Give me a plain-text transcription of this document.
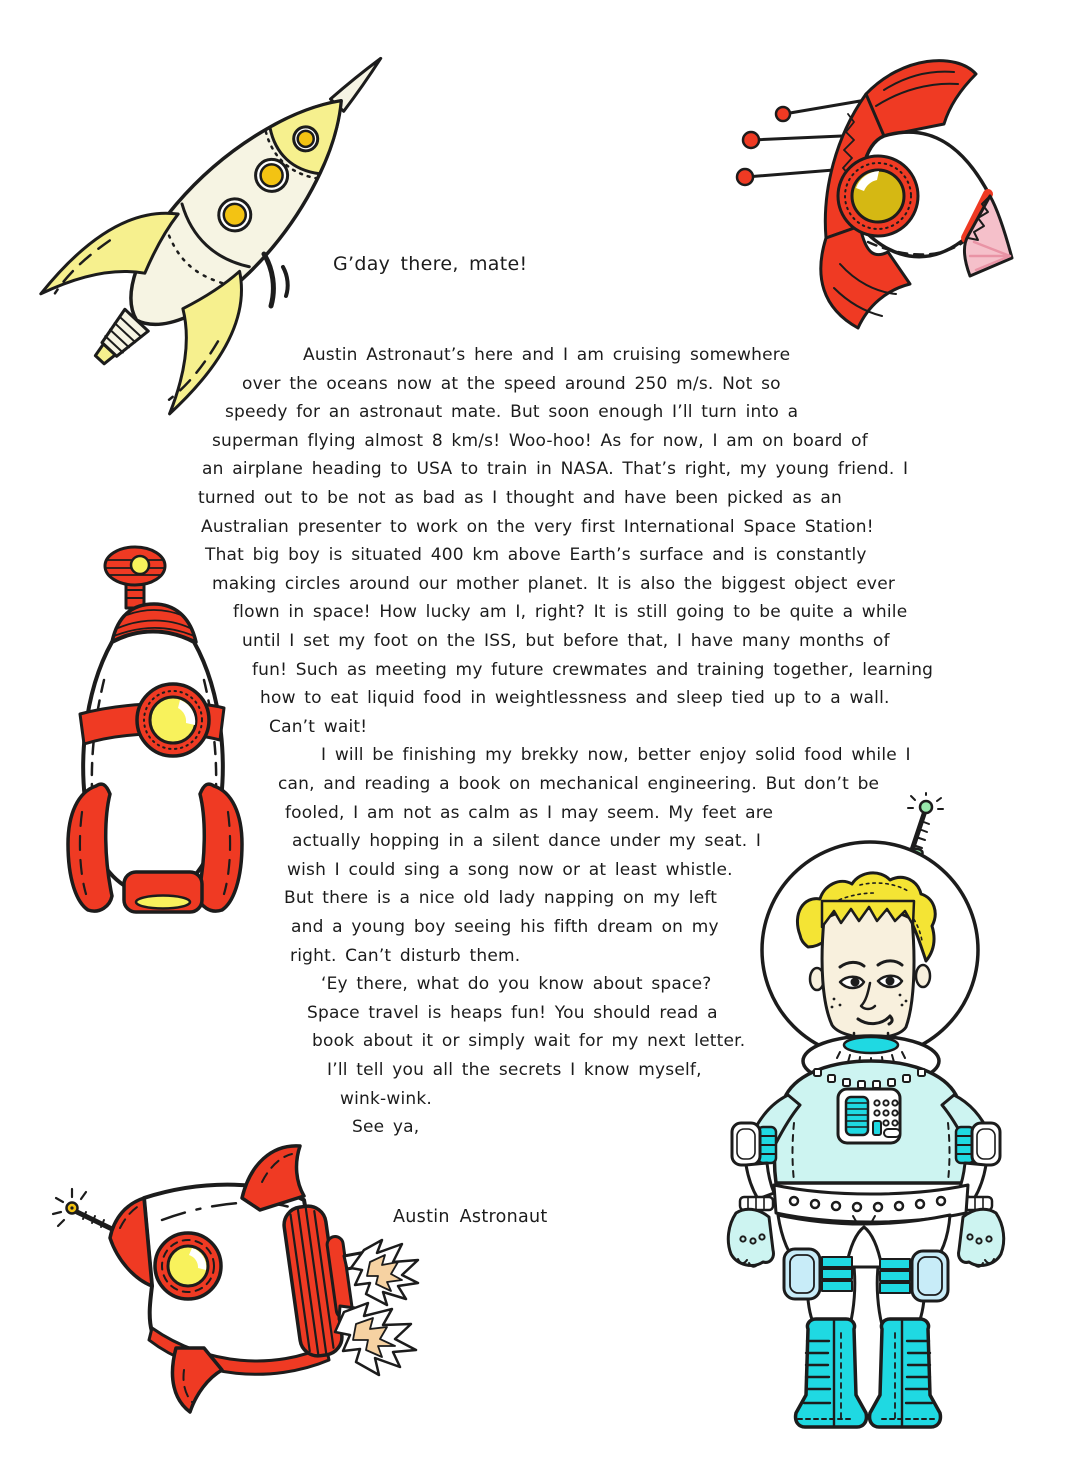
G’day there, mate!
Austin Astronaut’s here and I am cruising somewhere
over the oceans now at the speed around 250 m/s. Not so
speedy for an astronaut mate. But soon enough I’ll turn into a
superman flying almost 8 km/s! Woo-hoo! As for now, I am on board of
an airplane heading to USA to train in NASA. That’s right, my young friend. I
turned out to be not as bad as I thought and have been picked as an
Australian presenter to work on the very first International Space Station!
That big boy is situated 400 km above Earth’s surface and is constantly
making circles around our mother planet. It is also the biggest object ever
flown in space! How lucky am I, right? It is still going to be quite a while
until I set my foot on the ISS, but before that, I have many months of
fun! Such as meeting my future crewmates and training together, learning
how to eat liquid food in weightlessness and sleep tied up to a wall.
Can’t wait!
I will be finishing my brekky now, better enjoy solid food while I
can, and reading a book on mechanical engineering. But don’t be
fooled, I am not as calm as I may seem. My feet are
actually hopping in a silent dance under my seat. I
wish I could sing a song now or at least whistle.
But there is a nice old lady napping on my left
and a young boy seeing his fifth dream on my
right. Can’t disturb them.
‘Ey there, what do you know about space?
Space travel is heaps fun! You should read a
book about it or simply wait for my next letter.
I’ll tell you all the secrets I know myself,
wink-wink.
See ya,
Austin Astronaut
